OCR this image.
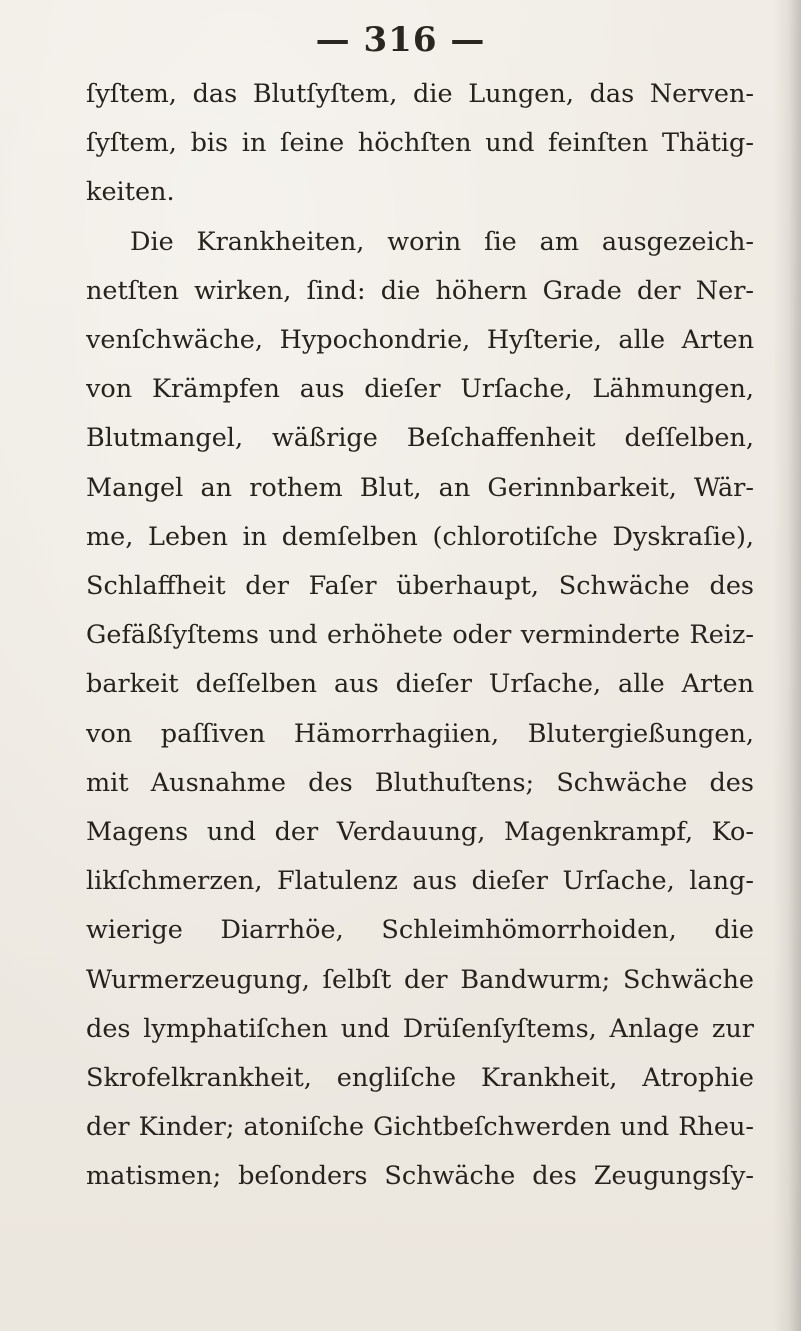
— 316 —
ſyſtem, das Blutſyſtem, die Lungen, das Nerven-
ſyſtem, bis in ſeine höchſten und feinſten Thätig-
keiten.
Die Krankheiten, worin ſie am ausgezeich-
netſten wirken, ſind: die höhern Grade der Ner-
venſchwäche, Hypochondrie, Hyſterie, alle Arten
von Krämpfen aus dieſer Urſache, Lähmungen,
Blutmangel, wäßrige Beſchaffenheit deſſelben,
Mangel an rothem Blut, an Gerinnbarkeit, Wär-
me, Leben in demſelben (chlorotiſche Dyskraſie),
Schlaffheit der Faſer überhaupt, Schwäche des
Gefäßſyſtems und erhöhete oder verminderte Reiz-
barkeit deſſelben aus dieſer Urſache, alle Arten
von paſſiven Hämorrhagiien, Blutergießungen,
mit Ausnahme des Bluthuſtens; Schwäche des
Magens und der Verdauung, Magenkrampf, Ko-
likſchmerzen, Flatulenz aus dieſer Urſache, lang-
wierige Diarrhöe, Schleimhömorrhoiden, die
Wurmerzeugung, ſelbſt der Bandwurm; Schwäche
des lymphatiſchen und Drüſenſyſtems, Anlage zur
Skrofelkrankheit, engliſche Krankheit, Atrophie
der Kinder; atoniſche Gichtbeſchwerden und Rheu-
matismen; beſonders Schwäche des Zeugungsſy-
